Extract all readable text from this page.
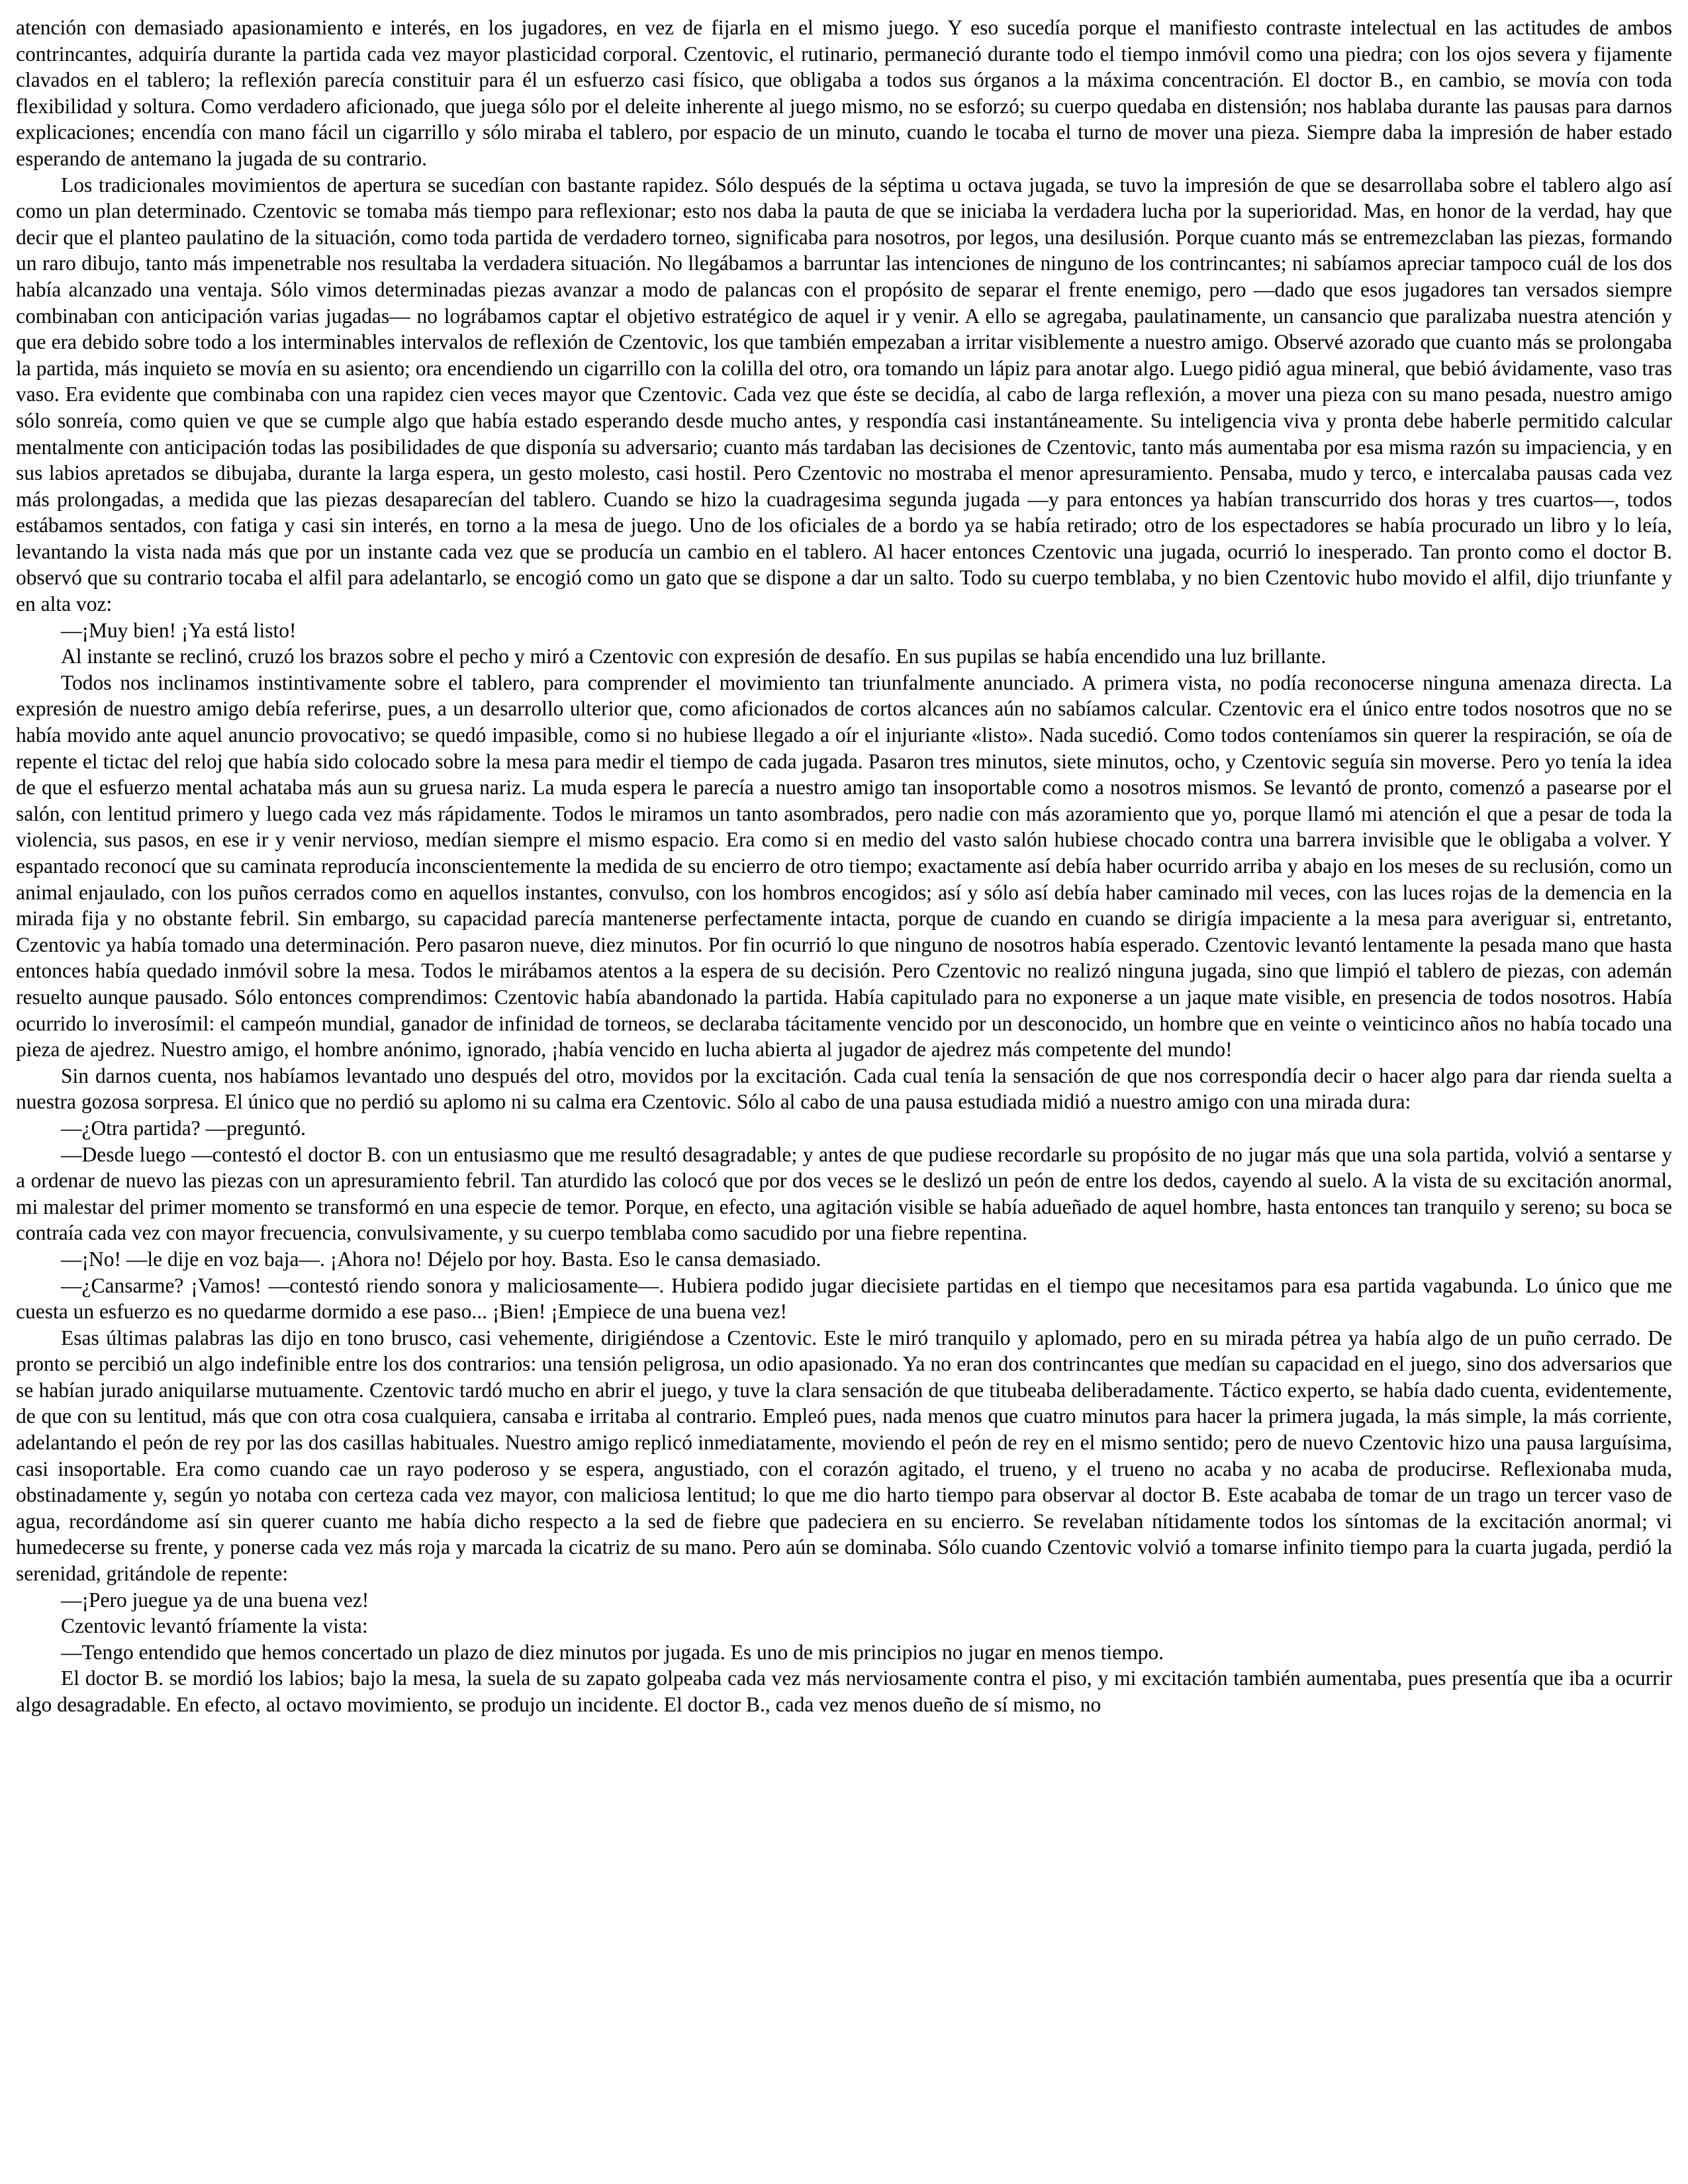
atención con demasiado apasionamiento e interés, en los jugadores, en vez de fijarla en el mismo juego. Y eso sucedía porque el manifiesto contraste intelectual en las actitudes de ambos contrincantes, adquiría durante la partida cada vez mayor plasticidad corporal. Czentovic, el rutinario, permaneció durante todo el tiempo inmóvil como una piedra; con los ojos severa y fijamente clavados en el tablero; la reflexión parecía constituir para él un esfuerzo casi físico, que obligaba a todos sus órganos a la máxima concentración. El doctor B., en cambio, se movía con toda flexibilidad y soltura. Como verdadero aficionado, que juega sólo por el deleite inherente al juego mismo, no se esforzó; su cuerpo quedaba en distensión; nos hablaba durante las pausas para darnos explicaciones; encendía con mano fácil un cigarrillo y sólo miraba el tablero, por espacio de un minuto, cuando le tocaba el turno de mover una pieza. Siempre daba la impresión de haber estado esperando de antemano la jugada de su contrario.

Los tradicionales movimientos de apertura se sucedían con bastante rapidez. Sólo después de la séptima u octava jugada, se tuvo la impresión de que se desarrollaba sobre el tablero algo así como un plan determinado. Czentovic se tomaba más tiempo para reflexionar; esto nos daba la pauta de que se iniciaba la verdadera lucha por la superioridad. Mas, en honor de la verdad, hay que decir que el planteo paulatino de la situación, como toda partida de verdadero torneo, significaba para nosotros, por legos, una desilusión. Porque cuanto más se entremezclaban las piezas, formando un raro dibujo, tanto más impenetrable nos resultaba la verdadera situación. No llegábamos a barruntar las intenciones de ninguno de los contrincantes; ni sabíamos apreciar tampoco cuál de los dos había alcanzado una ventaja. Sólo vimos determinadas piezas avanzar a modo de palancas con el propósito de separar el frente enemigo, pero —dado que esos jugadores tan versados siempre combinaban con anticipación varias jugadas— no lográbamos captar el objetivo estratégico de aquel ir y venir. A ello se agregaba, paulatinamente, un cansancio que paralizaba nuestra atención y que era debido sobre todo a los interminables intervalos de reflexión de Czentovic, los que también empezaban a irritar visiblemente a nuestro amigo. Observé azorado que cuanto más se prolongaba la partida, más inquieto se movía en su asiento; ora encendiendo un cigarrillo con la colilla del otro, ora tomando un lápiz para anotar algo. Luego pidió agua mineral, que bebió ávidamente, vaso tras vaso. Era evidente que combinaba con una rapidez cien veces mayor que Czentovic. Cada vez que éste se decidía, al cabo de larga reflexión, a mover una pieza con su mano pesada, nuestro amigo sólo sonreía, como quien ve que se cumple algo que había estado esperando desde mucho antes, y respondía casi instantáneamente. Su inteligencia viva y pronta debe haberle permitido calcular mentalmente con anticipación todas las posibilidades de que disponía su adversario; cuanto más tardaban las decisiones de Czentovic, tanto más aumentaba por esa misma razón su impaciencia, y en sus labios apretados se dibujaba, durante la larga espera, un gesto molesto, casi hostil. Pero Czentovic no mostraba el menor apresuramiento. Pensaba, mudo y terco, e intercalaba pausas cada vez más prolongadas, a medida que las piezas desaparecían del tablero. Cuando se hizo la cuadragesima segunda jugada —y para entonces ya habían transcurrido dos horas y tres cuartos—, todos estábamos sentados, con fatiga y casi sin interés, en torno a la mesa de juego. Uno de los oficiales de a bordo ya se había retirado; otro de los espectadores se había procurado un libro y lo leía, levantando la vista nada más que por un instante cada vez que se producía un cambio en el tablero. Al hacer entonces Czentovic una jugada, ocurrió lo inesperado. Tan pronto como el doctor B. observó que su contrario tocaba el alfil para adelantarlo, se encogió como un gato que se dispone a dar un salto. Todo su cuerpo temblaba, y no bien Czentovic hubo movido el alfil, dijo triunfante y en alta voz:

—¡Muy bien! ¡Ya está listo!

Al instante se reclinó, cruzó los brazos sobre el pecho y miró a Czentovic con expresión de desafío. En sus pupilas se había encendido una luz brillante.

Todos nos inclinamos instintivamente sobre el tablero, para comprender el movimiento tan triunfalmente anunciado. A primera vista, no podía reconocerse ninguna amenaza directa. La expresión de nuestro amigo debía referirse, pues, a un desarrollo ulterior que, como aficionados de cortos alcances aún no sabíamos calcular. Czentovic era el único entre todos nosotros que no se había movido ante aquel anuncio provocativo; se quedó impasible, como si no hubiese llegado a oír el injuriante «listo». Nada sucedió. Como todos conteníamos sin querer la respiración, se oía de repente el tictac del reloj que había sido colocado sobre la mesa para medir el tiempo de cada jugada. Pasaron tres minutos, siete minutos, ocho, y Czentovic seguía sin moverse. Pero yo tenía la idea de que el esfuerzo mental achataba más aun su gruesa nariz. La muda espera le parecía a nuestro amigo tan insoportable como a nosotros mismos. Se levantó de pronto, comenzó a pasearse por el salón, con lentitud primero y luego cada vez más rápidamente. Todos le miramos un tanto asombrados, pero nadie con más azoramiento que yo, porque llamó mi atención el que a pesar de toda la violencia, sus pasos, en ese ir y venir nervioso, medían siempre el mismo espacio. Era como si en medio del vasto salón hubiese chocado contra una barrera invisible que le obligaba a volver. Y espantado reconocí que su caminata reproducía inconscientemente la medida de su encierro de otro tiempo; exactamente así debía haber ocurrido arriba y abajo en los meses de su reclusión, como un animal enjaulado, con los puños cerrados como en aquellos instantes, convulso, con los hombros encogidos; así y sólo así debía haber caminado mil veces, con las luces rojas de la demencia en la mirada fija y no obstante febril. Sin embargo, su capacidad parecía mantenerse perfectamente intacta, porque de cuando en cuando se dirigía impaciente a la mesa para averiguar si, entretanto, Czentovic ya había tomado una determinación. Pero pasaron nueve, diez minutos. Por fin ocurrió lo que ninguno de nosotros había esperado. Czentovic levantó lentamente la pesada mano que hasta entonces había quedado inmóvil sobre la mesa. Todos le mirábamos atentos a la espera de su decisión. Pero Czentovic no realizó ninguna jugada, sino que limpió el tablero de piezas, con ademán resuelto aunque pausado. Sólo entonces comprendimos: Czentovic había abandonado la partida. Había capitulado para no exponerse a un jaque mate visible, en presencia de todos nosotros. Había ocurrido lo inverosímil: el campeón mundial, ganador de infinidad de torneos, se declaraba tácitamente vencido por un desconocido, un hombre que en veinte o veinticinco años no había tocado una pieza de ajedrez. Nuestro amigo, el hombre anónimo, ignorado, ¡había vencido en lucha abierta al jugador de ajedrez más competente del mundo!

Sin darnos cuenta, nos habíamos levantado uno después del otro, movidos por la excitación. Cada cual tenía la sensación de que nos correspondía decir o hacer algo para dar rienda suelta a nuestra gozosa sorpresa. El único que no perdió su aplomo ni su calma era Czentovic. Sólo al cabo de una pausa estudiada midió a nuestro amigo con una mirada dura:

—¿Otra partida? —preguntó.

—Desde luego —contestó el doctor B. con un entusiasmo que me resultó desagradable; y antes de que pudiese recordarle su propósito de no jugar más que una sola partida, volvió a sentarse y a ordenar de nuevo las piezas con un apresuramiento febril. Tan aturdido las colocó que por dos veces se le deslizó un peón de entre los dedos, cayendo al suelo. A la vista de su excitación anormal, mi malestar del primer momento se transformó en una especie de temor. Porque, en efecto, una agitación visible se había adueñado de aquel hombre, hasta entonces tan tranquilo y sereno; su boca se contraía cada vez con mayor frecuencia, convulsivamente, y su cuerpo temblaba como sacudido por una fiebre repentina.

—¡No! —le dije en voz baja—. ¡Ahora no! Déjelo por hoy. Basta. Eso le cansa demasiado.

—¿Cansarme? ¡Vamos! —contestó riendo sonora y maliciosamente—. Hubiera podido jugar diecisiete partidas en el tiempo que necesitamos para esa partida vagabunda. Lo único que me cuesta un esfuerzo es no quedarme dormido a ese paso... ¡Bien! ¡Empiece de una buena vez!

Esas últimas palabras las dijo en tono brusco, casi vehemente, dirigiéndose a Czentovic. Este le miró tranquilo y aplomado, pero en su mirada pétrea ya había algo de un puño cerrado. De pronto se percibió un algo indefinible entre los dos contrarios: una tensión peligrosa, un odio apasionado. Ya no eran dos contrincantes que medían su capacidad en el juego, sino dos adversarios que se habían jurado aniquilarse mutuamente. Czentovic tardó mucho en abrir el juego, y tuve la clara sensación de que titubeaba deliberadamente. Táctico experto, se había dado cuenta, evidentemente, de que con su lentitud, más que con otra cosa cualquiera, cansaba e irritaba al contrario. Empleó pues, nada menos que cuatro minutos para hacer la primera jugada, la más simple, la más corriente, adelantando el peón de rey por las dos casillas habituales. Nuestro amigo replicó inmediatamente, moviendo el peón de rey en el mismo sentido; pero de nuevo Czentovic hizo una pausa larguísima, casi insoportable. Era como cuando cae un rayo poderoso y se espera, angustiado, con el corazón agitado, el trueno, y el trueno no acaba y no acaba de producirse. Reflexionaba muda, obstinadamente y, según yo notaba con certeza cada vez mayor, con maliciosa lentitud; lo que me dio harto tiempo para observar al doctor B. Este acababa de tomar de un trago un tercer vaso de agua, recordándome así sin querer cuanto me había dicho respecto a la sed de fiebre que padeciera en su encierro. Se revelaban nítidamente todos los síntomas de la excitación anormal; vi humedecerse su frente, y ponerse cada vez más roja y marcada la cicatriz de su mano. Pero aún se dominaba. Sólo cuando Czentovic volvió a tomarse infinito tiempo para la cuarta jugada, perdió la serenidad, gritándole de repente:

—¡Pero juegue ya de una buena vez!

Czentovic levantó fríamente la vista:

—Tengo entendido que hemos concertado un plazo de diez minutos por jugada. Es uno de mis principios no jugar en menos tiempo.

El doctor B. se mordió los labios; bajo la mesa, la suela de su zapato golpeaba cada vez más nerviosamente contra el piso, y mi excitación también aumentaba, pues presentía que iba a ocurrir algo desagradable. En efecto, al octavo movimiento, se produjo un incidente. El doctor B., cada vez menos dueño de sí mismo, no
